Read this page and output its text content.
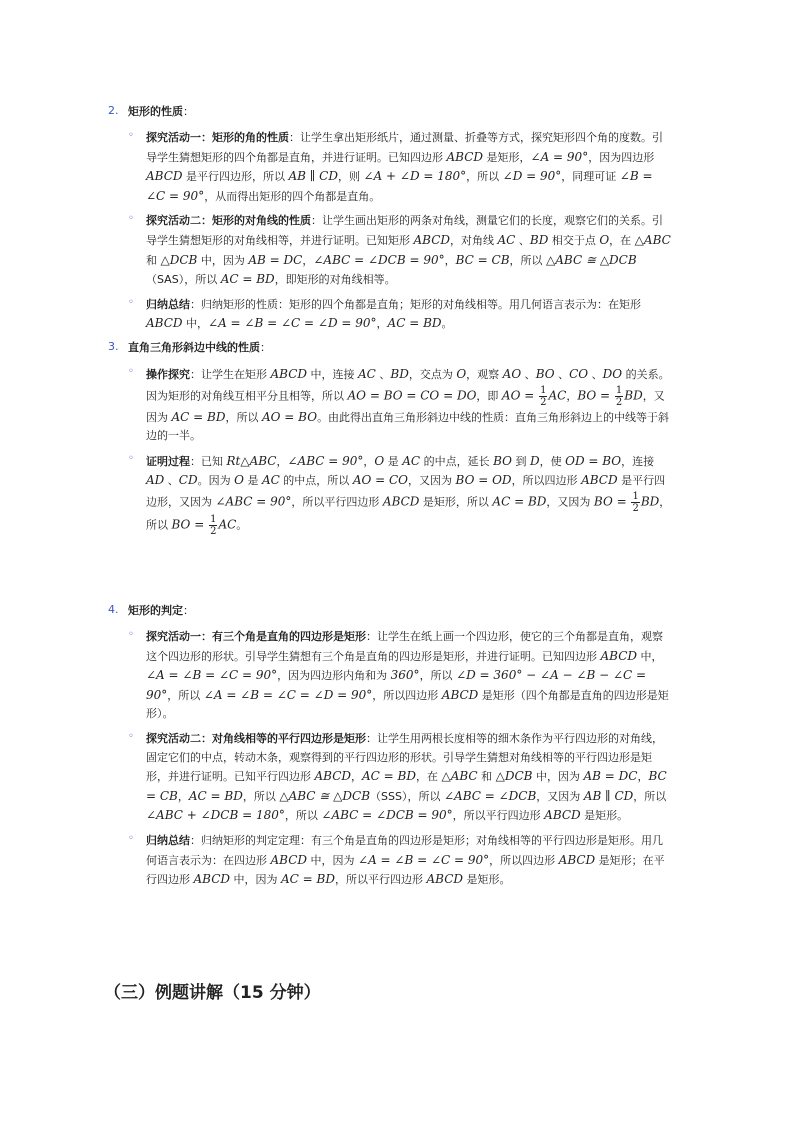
2. 矩形的性质：

◦ 探究活动一：矩形的角的性质：让学生拿出矩形纸片，通过测量、折叠等方式，探究矩形四个角的度数。引导学生猜想矩形的四个角都是直角，并进行证明。已知四边形 ABCD 是矩形，∠A = 90°，因为四边形 ABCD 是平行四边形，所以 AB ∥ CD，则 ∠A + ∠D = 180°，所以 ∠D = 90°，同理可证 ∠B = ∠C = 90°，从而得出矩形的四个角都是直角。

◦ 探究活动二：矩形的对角线的性质：让学生画出矩形的两条对角线，测量它们的长度，观察它们的关系。引导学生猜想矩形的对角线相等，并进行证明。已知矩形 ABCD，对角线 AC 、BD 相交于点 O，在 △ABC 和 △DCB 中，因为 AB = DC，∠ABC = ∠DCB = 90°，BC = CB，所以 △ABC ≅ △DCB（SAS），所以 AC = BD，即矩形的对角线相等。

◦ 归纳总结：归纳矩形的性质：矩形的四个角都是直角；矩形的对角线相等。用几何语言表示为：在矩形 ABCD 中，∠A = ∠B = ∠C = ∠D = 90°，AC = BD。

3. 直角三角形斜边中线的性质：

◦ 操作探究：让学生在矩形 ABCD 中，连接 AC 、BD，交点为 O，观察 AO 、BO 、CO 、DO 的关系。因为矩形的对角线互相平分且相等，所以 AO = BO = CO = DO，即 AO = $\frac{1}{2}$ AC，BO = $\frac{1}{2}$ BD，又因为 AC = BD，所以 AO = BO。由此得出直角三角形斜边中线的性质：直角三角形斜边上的中线等于斜边的一半。

◦ 证明过程：已知 Rt△ABC，∠ABC = 90°，O 是 AC 的中点，延长 BO 到 D，使 OD = BO，连接 AD 、CD。因为 O 是 AC 的中点，所以 AO = CO，又因为 BO = OD，所以四边形 ABCD 是平行四边形，又因为 ∠ABC = 90°，所以平行四边形 ABCD 是矩形，所以 AC = BD，又因为 BO = $\frac{1}{2}$ BD，所以 BO = $\frac{1}{2}$ AC。

4. 矩形的判定：

◦ 探究活动一：有三个角是直角的四边形是矩形：让学生在纸上画一个四边形，使它的三个角都是直角，观察这个四边形的形状。引导学生猜想有三个角是直角的四边形是矩形，并进行证明。已知四边形 ABCD 中，∠A = ∠B = ∠C = 90°，因为四边形内角和为 360°，所以 ∠D = 360° − ∠A − ∠B − ∠C = 90°，所以 ∠A = ∠B = ∠C = ∠D = 90°，所以四边形 ABCD 是矩形（四个角都是直角的四边形是矩形）。

◦ 探究活动二：对角线相等的平行四边形是矩形：让学生用两根长度相等的细木条作为平行四边形的对角线，固定它们的中点，转动木条，观察得到的平行四边形的形状。引导学生猜想对角线相等的平行四边形是矩形，并进行证明。已知平行四边形 ABCD，AC = BD，在 △ABC 和 △DCB 中，因为 AB = DC，BC = CB，AC = BD，所以 △ABC ≅ △DCB（SSS），所以 ∠ABC = ∠DCB，又因为 AB ∥ CD，所以 ∠ABC + ∠DCB = 180°，所以 ∠ABC = ∠DCB = 90°，所以平行四边形 ABCD 是矩形。

◦ 归纳总结：归纳矩形的判定定理：有三个角是直角的四边形是矩形；对角线相等的平行四边形是矩形。用几何语言表示为：在四边形 ABCD 中，因为 ∠A = ∠B = ∠C = 90°，所以四边形 ABCD 是矩形；在平行四边形 ABCD 中，因为 AC = BD，所以平行四边形 ABCD 是矩形。

（三）例题讲解（15 分钟）
